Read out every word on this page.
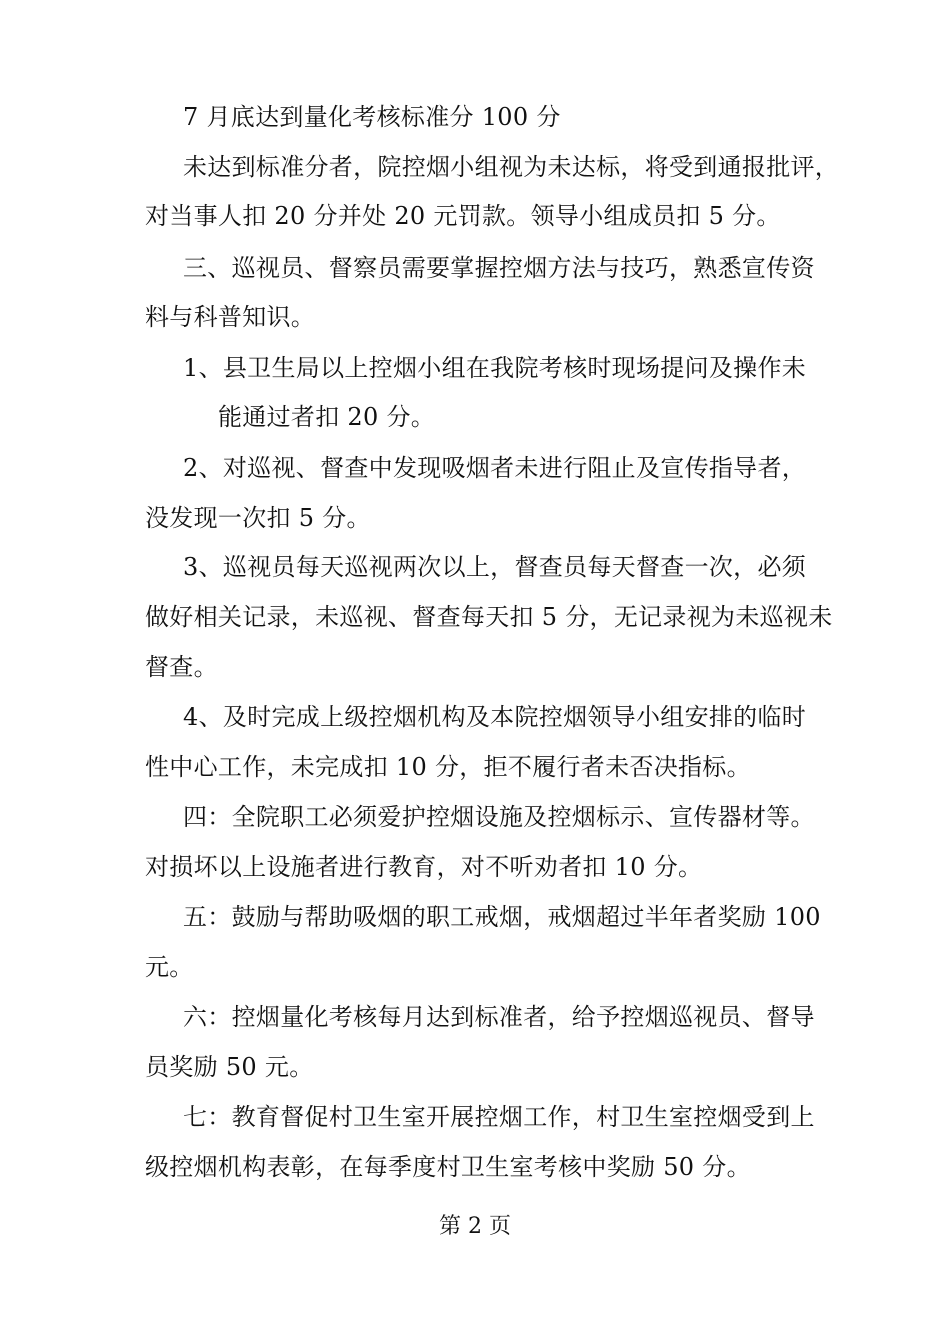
7 月底达到量化考核标准分 100 分
未达到标准分者，院控烟小组视为未达标，将受到通报批评，
对当事人扣 20 分并处 20 元罚款。领导小组成员扣 5 分。
三、巡视员、督察员需要掌握控烟方法与技巧，熟悉宣传资
料与科普知识。
1、县卫生局以上控烟小组在我院考核时现场提问及操作未
能通过者扣 20 分。
2、对巡视、督查中发现吸烟者未进行阻止及宣传指导者，
没发现一次扣 5 分。
3、巡视员每天巡视两次以上，督查员每天督查一次，必须
做好相关记录，未巡视、督查每天扣 5 分，无记录视为未巡视未
督查。
4、及时完成上级控烟机构及本院控烟领导小组安排的临时
性中心工作，未完成扣 10 分，拒不履行者未否决指标。
四：全院职工必须爱护控烟设施及控烟标示、宣传器材等。
对损坏以上设施者进行教育，对不听劝者扣 10 分。
五：鼓励与帮助吸烟的职工戒烟，戒烟超过半年者奖励 100
元。
六：控烟量化考核每月达到标准者，给予控烟巡视员、督导
员奖励 50 元。
七：教育督促村卫生室开展控烟工作，村卫生室控烟受到上
级控烟机构表彰，在每季度村卫生室考核中奖励 50 分。
第 2 页
